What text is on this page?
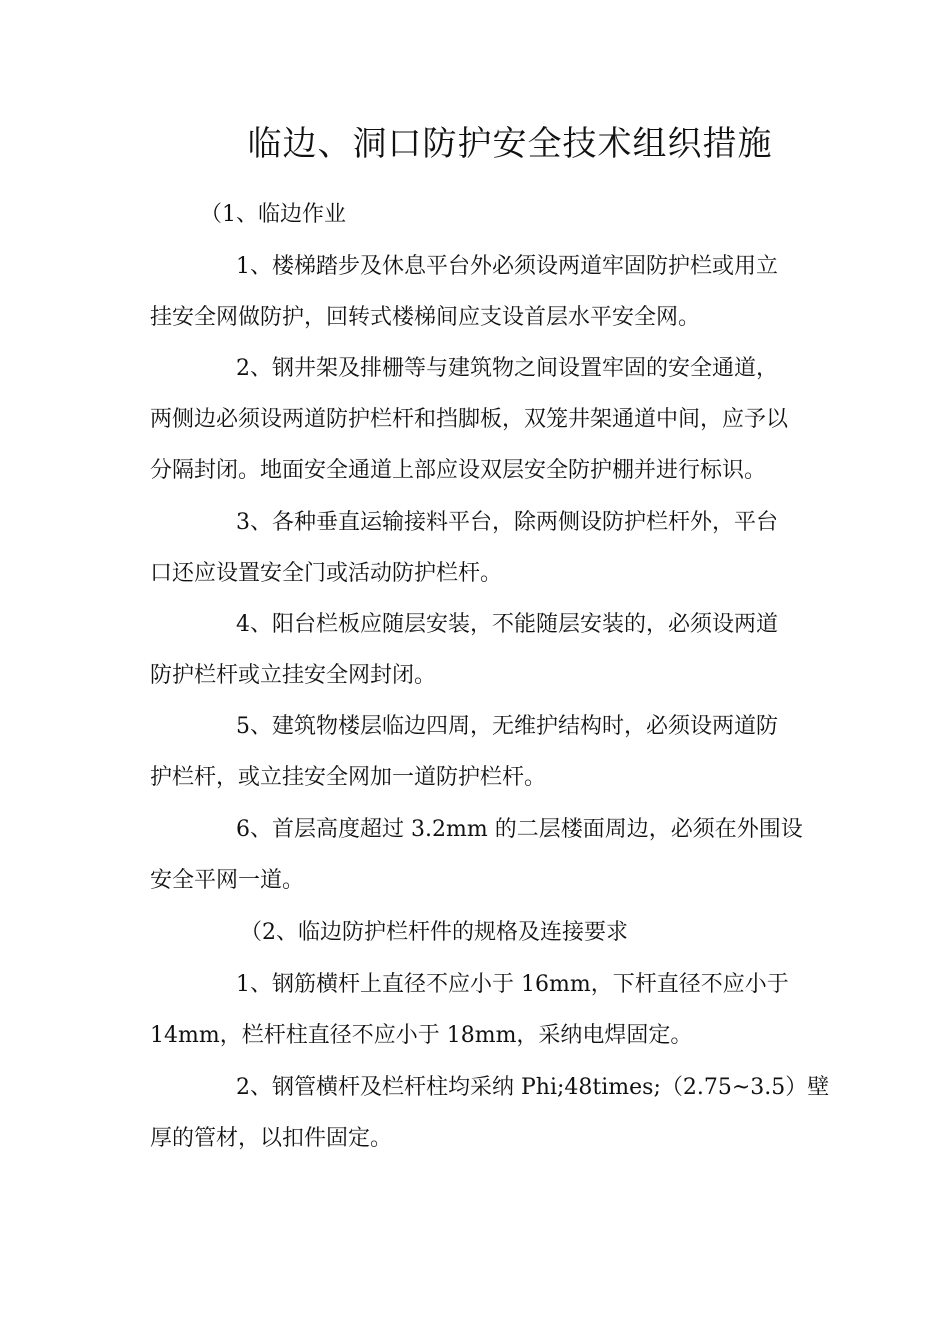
临边、洞口防护安全技术组织措施
（1、临边作业
1、楼梯踏步及休息平台外必须设两道牢固防护栏或用立
挂安全网做防护，回转式楼梯间应支设首层水平安全网。
2、钢井架及排栅等与建筑物之间设置牢固的安全通道，
两侧边必须设两道防护栏杆和挡脚板，双笼井架通道中间，应予以
分隔封闭。地面安全通道上部应设双层安全防护棚并进行标识。
3、各种垂直运输接料平台，除两侧设防护栏杆外，平台
口还应设置安全门或活动防护栏杆。
4、阳台栏板应随层安装，不能随层安装的，必须设两道
防护栏杆或立挂安全网封闭。
5、建筑物楼层临边四周，无维护结构时，必须设两道防
护栏杆，或立挂安全网加一道防护栏杆。
6、首层高度超过 3.2mm 的二层楼面周边，必须在外围设
安全平网一道。
（2、临边防护栏杆件的规格及连接要求
1、钢筋横杆上直径不应小于 16mm，下杆直径不应小于
14mm，栏杆柱直径不应小于 18mm，采纳电焊固定。
2、钢管横杆及栏杆柱均采纳 Phi;48times;（2.75~3.5）壁
厚的管材，以扣件固定。
